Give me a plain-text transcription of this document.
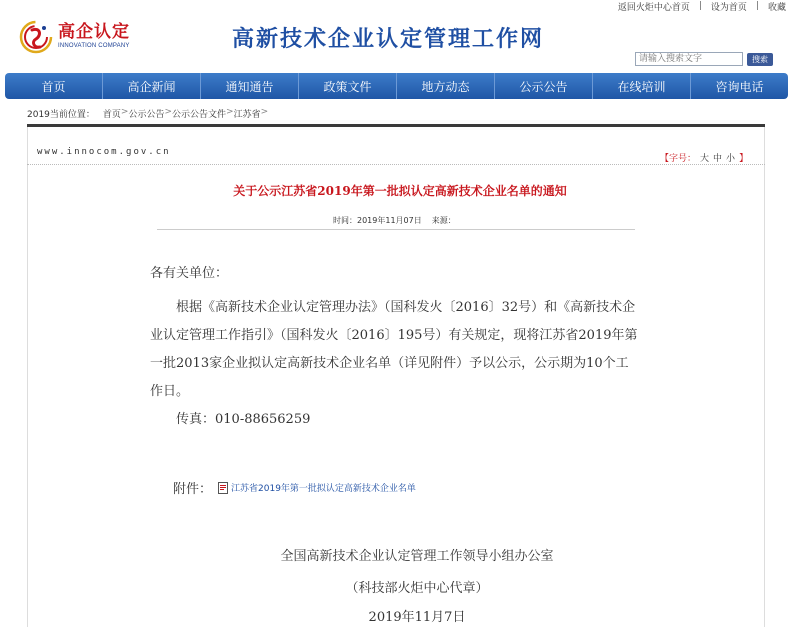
返回火炬中心首页 | 设为首页 | 收藏
高企认定
INNOVATION COMPANY	高新技术企业认定管理工作网
请输入搜索文字
搜索
首页	高企新闻	通知通告	政策文件	地方动态	公示公告	在线培训	咨询电话
2019当前位置： 首页 > 公示公告 > 公示公告文件 > 江苏省 >
www.innocom.gov.cn
【字号： 大 中 小 】
关于公示江苏省2019年第一批拟认定高新技术企业名单的通知
时间：2019年11月07日 来源：

各有关单位：

根据《高新技术企业认定管理办法》（国科发火〔2016〕32号）和《高新技术企业认定管理工作指引》（国科发火〔2016〕195号）有关规定，现将江苏省2019年第一批2013家企业拟认定高新技术企业名单（详见附件）予以公示，公示期为10个工作日。

传真：010-88656259

附件： 江苏省2019年第一批拟认定高新技术企业名单
全国高新技术企业认定管理工作领导小组办公室
（科技部火炬中心代章）
2019年11月7日
